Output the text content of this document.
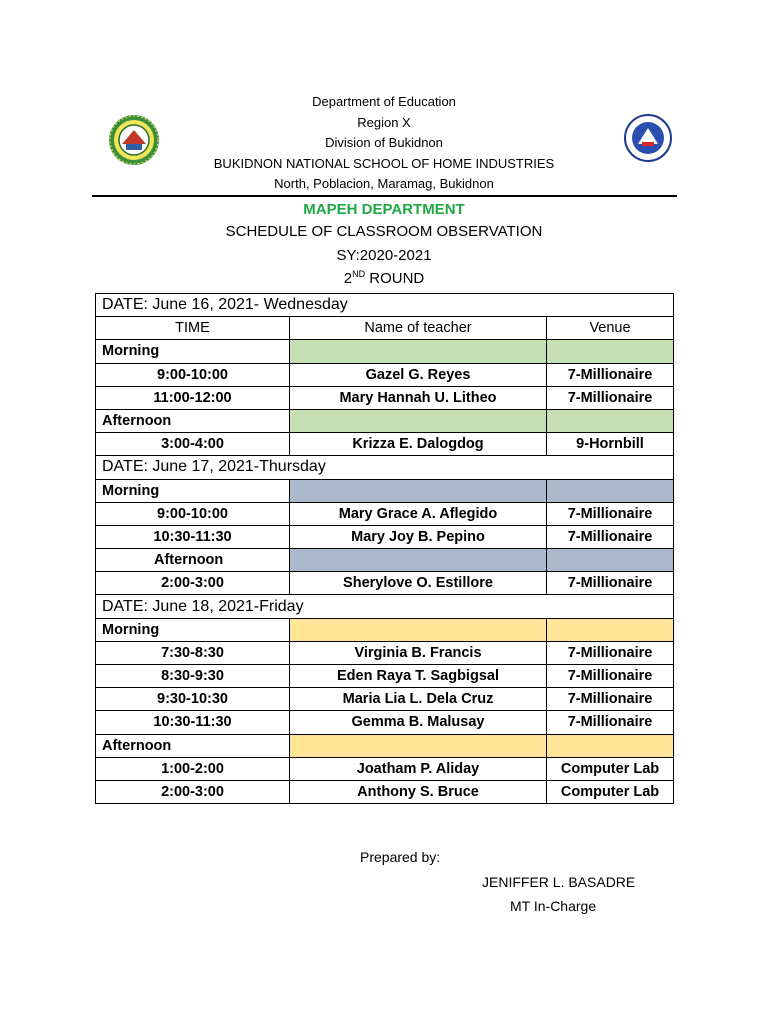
Department of Education
Region X
Division of Bukidnon
BUKIDNON NATIONAL SCHOOL OF HOME INDUSTRIES
North, Poblacion, Maramag, Bukidnon
MAPEH DEPARTMENT
SCHEDULE OF CLASSROOM OBSERVATION
SY:2020-2021
2ND ROUND
DATE: June 16, 2021- Wednesday		
TIME	Name of teacher	Venue
Morning		
9:00-10:00	Gazel G. Reyes	7-Millionaire
11:00-12:00	Mary Hannah U. Litheo	7-Millionaire
Afternoon		
3:00-4:00	Krizza E. Dalogdog	9-Hornbill
DATE: June 17, 2021-Thursday		
Morning		
9:00-10:00	Mary Grace A. Aflegido	7-Millionaire
10:30-11:30	Mary Joy B. Pepino	7-Millionaire
Afternoon		
2:00-3:00	Sherylove O. Estillore	7-Millionaire
DATE: June 18, 2021-Friday		
Morning		
7:30-8:30	Virginia B. Francis	7-Millionaire
8:30-9:30	Eden Raya T. Sagbigsal	7-Millionaire
9:30-10:30	Maria Lia L. Dela Cruz	7-Millionaire
10:30-11:30	Gemma B. Malusay	7-Millionaire
Afternoon		
1:00-2:00	Joatham P. Aliday	Computer Lab
2:00-3:00	Anthony S. Bruce	Computer Lab
Prepared by:
JENIFFER L. BASADRE
MT In-Charge
